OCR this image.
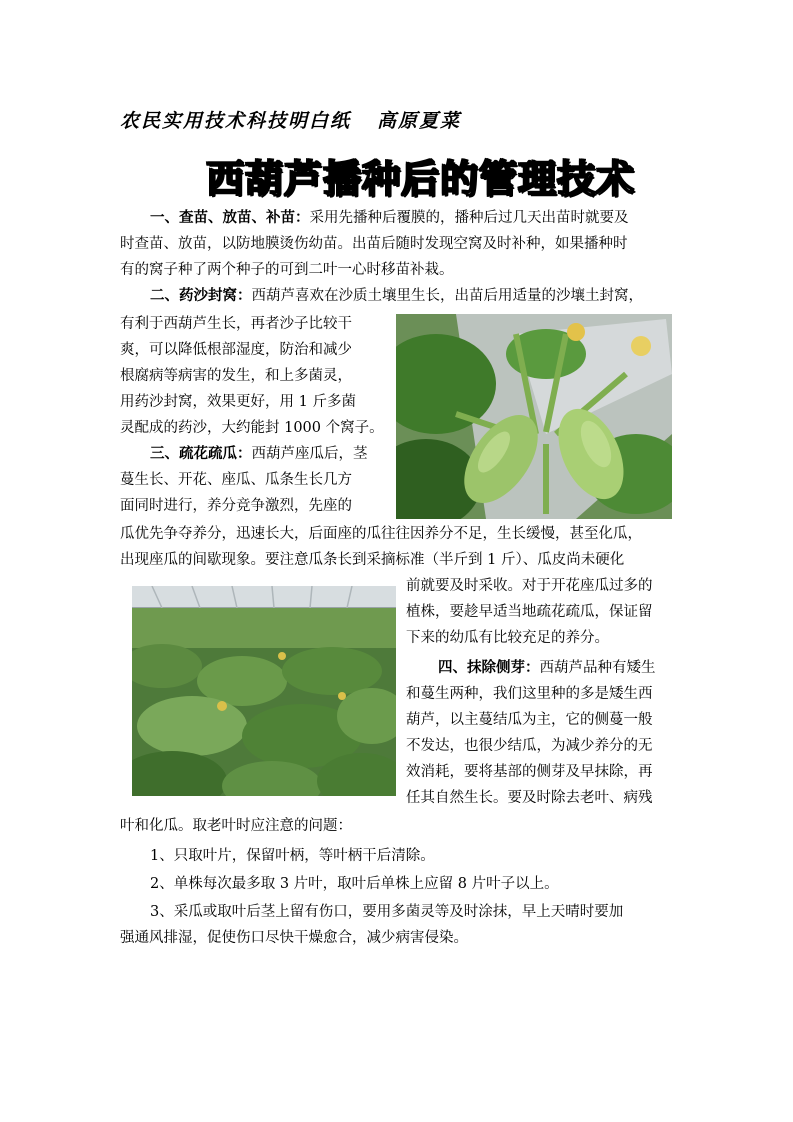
农民实用技术科技明白纸 高原夏菜
西葫芦播种后的管理技术
一、查苗、放苗、补苗：采用先播种后覆膜的，播种后过几天出苗时就要及
时查苗、放苗，以防地膜烫伤幼苗。出苗后随时发现空窝及时补种，如果播种时
有的窝子种了两个种子的可到二叶一心时移苗补栽。
二、药沙封窝：西葫芦喜欢在沙质土壤里生长，出苗后用适量的沙壤土封窝，
有利于西葫芦生长，再者沙子比较干
爽，可以降低根部湿度，防治和减少
根腐病等病害的发生，和上多菌灵，
用药沙封窝，效果更好，用 1 斤多菌
灵配成的药沙，大约能封 1000 个窝子。
三、疏花疏瓜：西葫芦座瓜后，茎
蔓生长、开花、座瓜、瓜条生长几方
面同时进行，养分竞争激烈，先座的
瓜优先争夺养分，迅速长大，后面座的瓜往往因养分不足，生长缓慢，甚至化瓜，
出现座瓜的间歇现象。要注意瓜条长到采摘标准（半斤到 1 斤）、瓜皮尚未硬化
前就要及时采收。对于开花座瓜过多的
植株，要趁早适当地疏花疏瓜，保证留
下来的幼瓜有比较充足的养分。
四、抹除侧芽：西葫芦品种有矮生
和蔓生两种，我们这里种的多是矮生西
葫芦，以主蔓结瓜为主，它的侧蔓一般
不发达，也很少结瓜，为减少养分的无
效消耗，要将基部的侧芽及早抹除，再
任其自然生长。要及时除去老叶、病残
叶和化瓜。取老叶时应注意的问题：
1、只取叶片，保留叶柄，等叶柄干后清除。
2、单株每次最多取 3 片叶，取叶后单株上应留 8 片叶子以上。
3、采瓜或取叶后茎上留有伤口，要用多菌灵等及时涂抹，早上天晴时要加
强通风排湿，促使伤口尽快干燥愈合，减少病害侵染。
